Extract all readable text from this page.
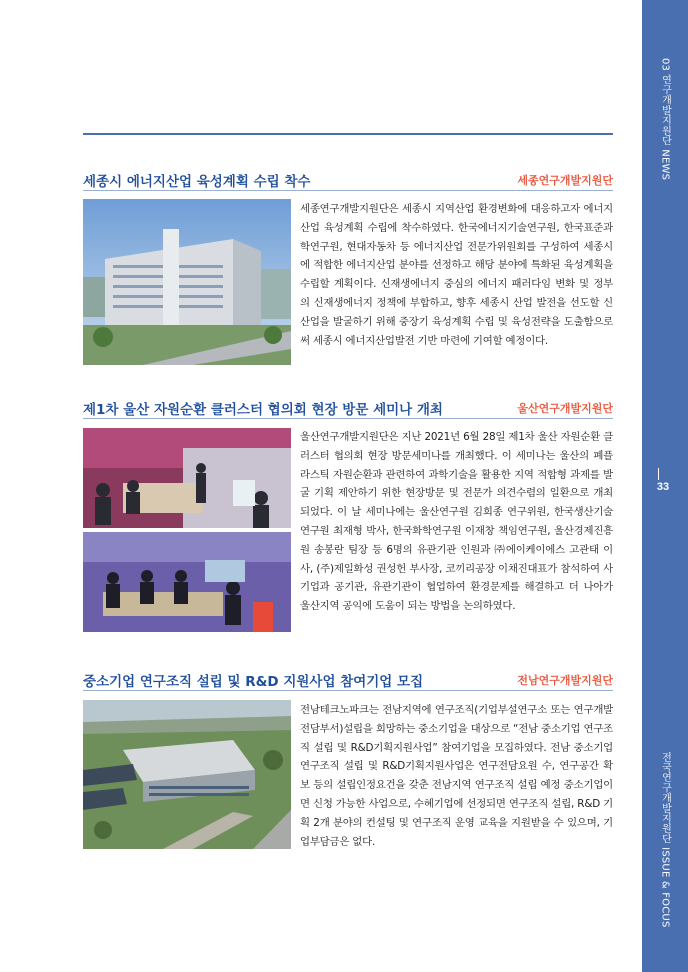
03 연구개발지원단 NEWS
전국연구개발지원단 ISSUE & FOCUS
33
세종시 에너지산업 육성계획 수립 착수	세종연구개발지원단
세종연구개발지원단은 세종시 지역산업 환경변화에 대응하고자 에너지산업 육성계획 수립에 착수하였다. 한국에너지기술연구원, 한국표준과학연구원, 현대자동차 등 에너지산업 전문가위원회를 구성하여 세종시에 적합한 에너지산업 분야를 선정하고 해당 분야에 특화된 육성계획을 수립할 계획이다. 신재생에너지 중심의 에너지 패러다임 변화 및 정부의 신재생에너지 정책에 부합하고, 향후 세종시 산업 발전을 선도할 신산업을 발굴하기 위해 중장기 육성계획 수립 및 육성전략을 도출함으로써 세종시 에너지산업발전 기반 마련에 기여할 예정이다.
제1차 울산 자원순환 클러스터 협의회 현장 방문 세미나 개최	울산연구개발지원단
울산연구개발지원단은 지난 2021년 6월 28일 제1차 울산 자원순환 클러스터 협의회 현장 방문세미나를 개최했다. 이 세미나는 울산의 폐플라스틱 자원순환과 관련하여 과학기술을 활용한 지역 적합형 과제를 발굴 기획 제안하기 위한 현장방문 및 전문가 의견수렴의 일환으로 개최되었다. 이 날 세미나에는 울산연구원 김희종 연구위원, 한국생산기술연구원 최재형 박사, 한국화학연구원 이재창 책임연구원, 울산경제진흥원 송봉란 팀장 등 6명의 유관기관 인원과 ㈜에이케이에스 고관태 이사, (주)제일화성 권성헌 부사장, 코끼리공장 이채진대표가 참석하여 사기업과 공기관, 유관기관이 협업하여 환경문제를 해결하고 더 나아가 울산지역 공익에 도움이 되는 방법을 논의하였다.
중소기업 연구조직 설립 및 R&D 지원사업 참여기업 모집	전남연구개발지원단
전남테크노파크는 전남지역에 연구조직(기업부설연구소 또는 연구개발전담부서)설립을 희망하는 중소기업을 대상으로 “전남 중소기업 연구조직 설립 및 R&D기획지원사업” 참여기업을 모집하였다. 전남 중소기업 연구조직 설립 및 R&D기획지원사업은 연구전담요원 수, 연구공간 확보 등의 설립인정요건을 갖춘 전남지역 연구조직 설립 예정 중소기업이면 신청 가능한 사업으로, 수혜기업에 선정되면 연구조직 설립, R&D 기획 2개 분야의 컨설팅 및 연구조직 운영 교육을 지원받을 수 있으며, 기업부담금은 없다.
